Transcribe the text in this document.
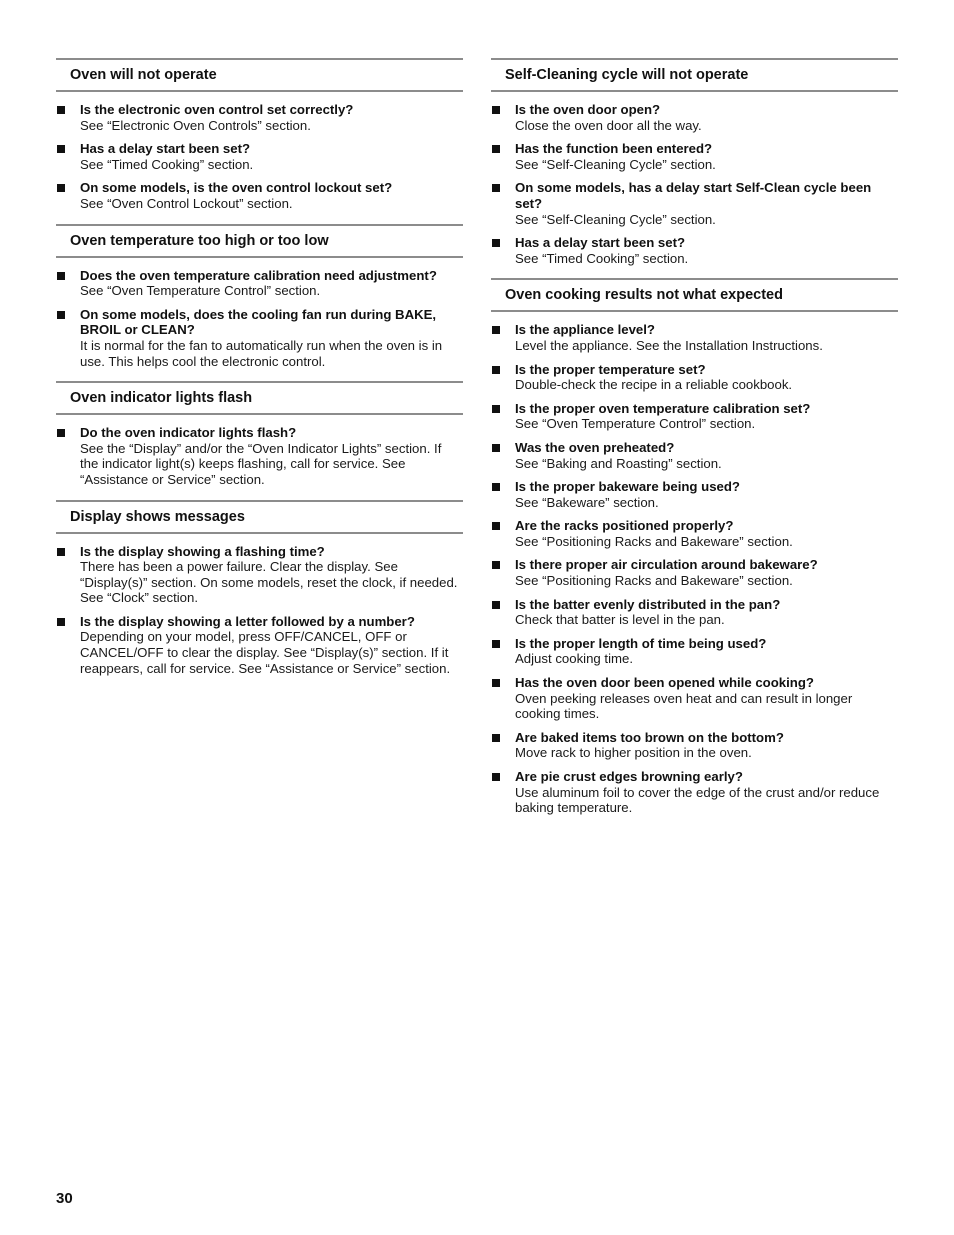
Oven will not operate
Is the electronic oven control set correctly?
See “Electronic Oven Controls” section.
Has a delay start been set?
See “Timed Cooking” section.
On some models, is the oven control lockout set?
See “Oven Control Lockout” section.
Oven temperature too high or too low
Does the oven temperature calibration need adjustment?
See “Oven Temperature Control” section.
On some models, does the cooling fan run during BAKE, BROIL or CLEAN?
It is normal for the fan to automatically run when the oven is in use. This helps cool the electronic control.
Oven indicator lights flash
Do the oven indicator lights flash?
See the “Display” and/or the “Oven Indicator Lights” section. If the indicator light(s) keeps flashing, call for service. See “Assistance or Service” section.
Display shows messages
Is the display showing a flashing time?
There has been a power failure. Clear the display. See “Display(s)” section. On some models, reset the clock, if needed. See “Clock” section.
Is the display showing a letter followed by a number?
Depending on your model, press OFF/CANCEL, OFF or CANCEL/OFF to clear the display. See “Display(s)” section. If it reappears, call for service. See “Assistance or Service” section.
Self-Cleaning cycle will not operate
Is the oven door open?
Close the oven door all the way.
Has the function been entered?
See “Self-Cleaning Cycle” section.
On some models, has a delay start Self-Clean cycle been set?
See “Self-Cleaning Cycle” section.
Has a delay start been set?
See “Timed Cooking” section.
Oven cooking results not what expected
Is the appliance level?
Level the appliance. See the Installation Instructions.
Is the proper temperature set?
Double-check the recipe in a reliable cookbook.
Is the proper oven temperature calibration set?
See “Oven Temperature Control” section.
Was the oven preheated?
See “Baking and Roasting” section.
Is the proper bakeware being used?
See “Bakeware” section.
Are the racks positioned properly?
See “Positioning Racks and Bakeware” section.
Is there proper air circulation around bakeware?
See “Positioning Racks and Bakeware” section.
Is the batter evenly distributed in the pan?
Check that batter is level in the pan.
Is the proper length of time being used?
Adjust cooking time.
Has the oven door been opened while cooking?
Oven peeking releases oven heat and can result in longer cooking times.
Are baked items too brown on the bottom?
Move rack to higher position in the oven.
Are pie crust edges browning early?
Use aluminum foil to cover the edge of the crust and/or reduce baking temperature.
30
